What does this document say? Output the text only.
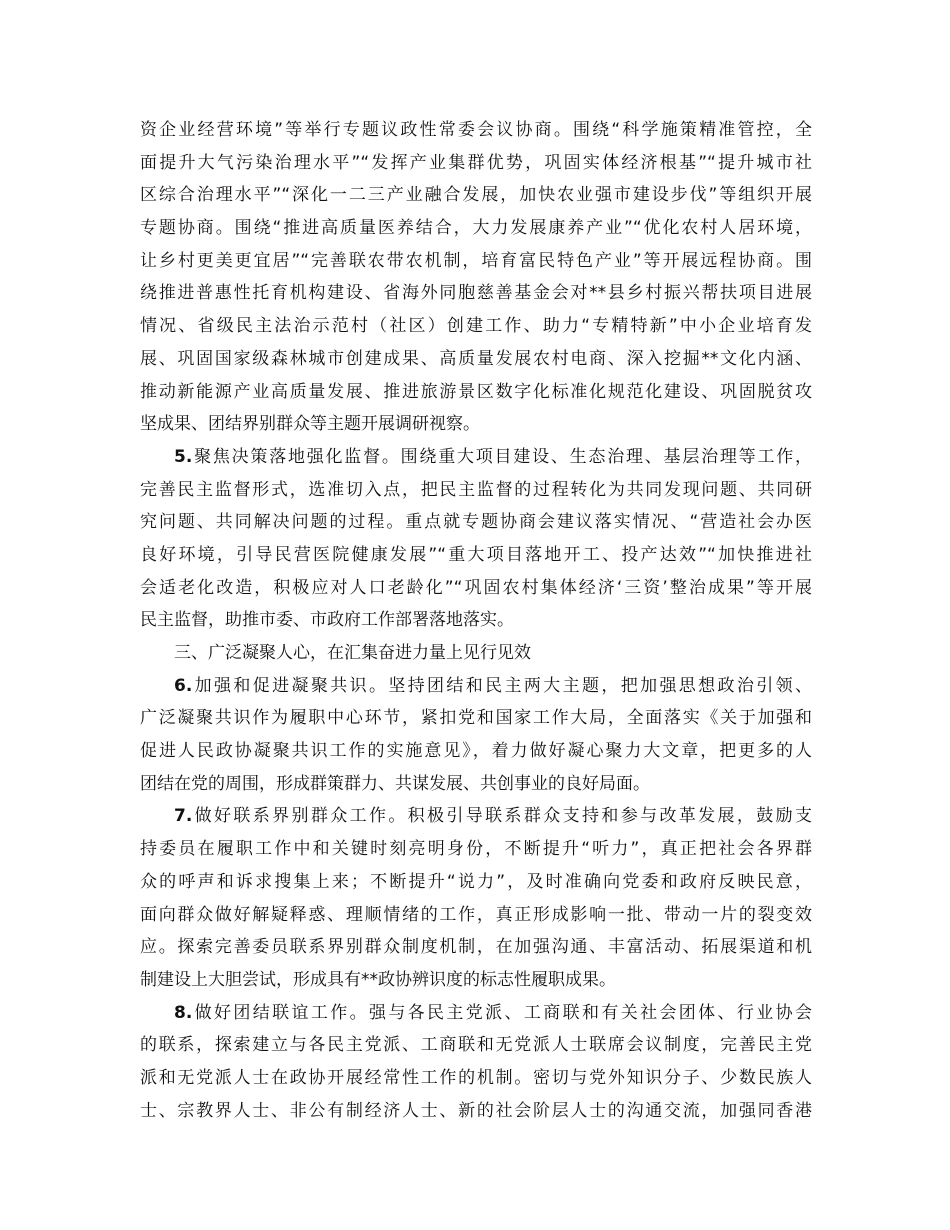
资企业经营环境”等举行专题议政性常委会议协商。围绕“科学施策精准管控，全
面提升大气污染治理水平”“发挥产业集群优势，巩固实体经济根基”“提升城市社
区综合治理水平”“深化一二三产业融合发展，加快农业强市建设步伐”等组织开展
专题协商。围绕“推进高质量医养结合，大力发展康养产业”“优化农村人居环境，
让乡村更美更宜居”“完善联农带农机制，培育富民特色产业”等开展远程协商。围
绕推进普惠性托育机构建设、省海外同胞慈善基金会对**县乡村振兴帮扶项目进展
情况、省级民主法治示范村（社区）创建工作、助力“专精特新”中小企业培育发
展、巩固国家级森林城市创建成果、高质量发展农村电商、深入挖掘**文化内涵、
推动新能源产业高质量发展、推进旅游景区数字化标准化规范化建设、巩固脱贫攻
坚成果、团结界别群众等主题开展调研视察。
5.聚焦决策落地强化监督。围绕重大项目建设、生态治理、基层治理等工作，
完善民主监督形式，选准切入点，把民主监督的过程转化为共同发现问题、共同研
究问题、共同解决问题的过程。重点就专题协商会建议落实情况、“营造社会办医
良好环境，引导民营医院健康发展”“重大项目落地开工、投产达效”“加快推进社
会适老化改造，积极应对人口老龄化”“巩固农村集体经济‘三资’整治成果”等开展
民主监督，助推市委、市政府工作部署落地落实。
三、广泛凝聚人心，在汇集奋进力量上见行见效
6.加强和促进凝聚共识。坚持团结和民主两大主题，把加强思想政治引领、
广泛凝聚共识作为履职中心环节，紧扣党和国家工作大局，全面落实《关于加强和
促进人民政协凝聚共识工作的实施意见》，着力做好凝心聚力大文章，把更多的人
团结在党的周围，形成群策群力、共谋发展、共创事业的良好局面。
7.做好联系界别群众工作。积极引导联系群众支持和参与改革发展，鼓励支
持委员在履职工作中和关键时刻亮明身份，不断提升“听力”，真正把社会各界群
众的呼声和诉求搜集上来；不断提升“说力”，及时准确向党委和政府反映民意，
面向群众做好解疑释惑、理顺情绪的工作，真正形成影响一批、带动一片的裂变效
应。探索完善委员联系界别群众制度机制，在加强沟通、丰富活动、拓展渠道和机
制建设上大胆尝试，形成具有**政协辨识度的标志性履职成果。
8.做好团结联谊工作。强与各民主党派、工商联和有关社会团体、行业协会
的联系，探索建立与各民主党派、工商联和无党派人士联席会议制度，完善民主党
派和无党派人士在政协开展经常性工作的机制。密切与党外知识分子、少数民族人
士、宗教界人士、非公有制经济人士、新的社会阶层人士的沟通交流，加强同香港
